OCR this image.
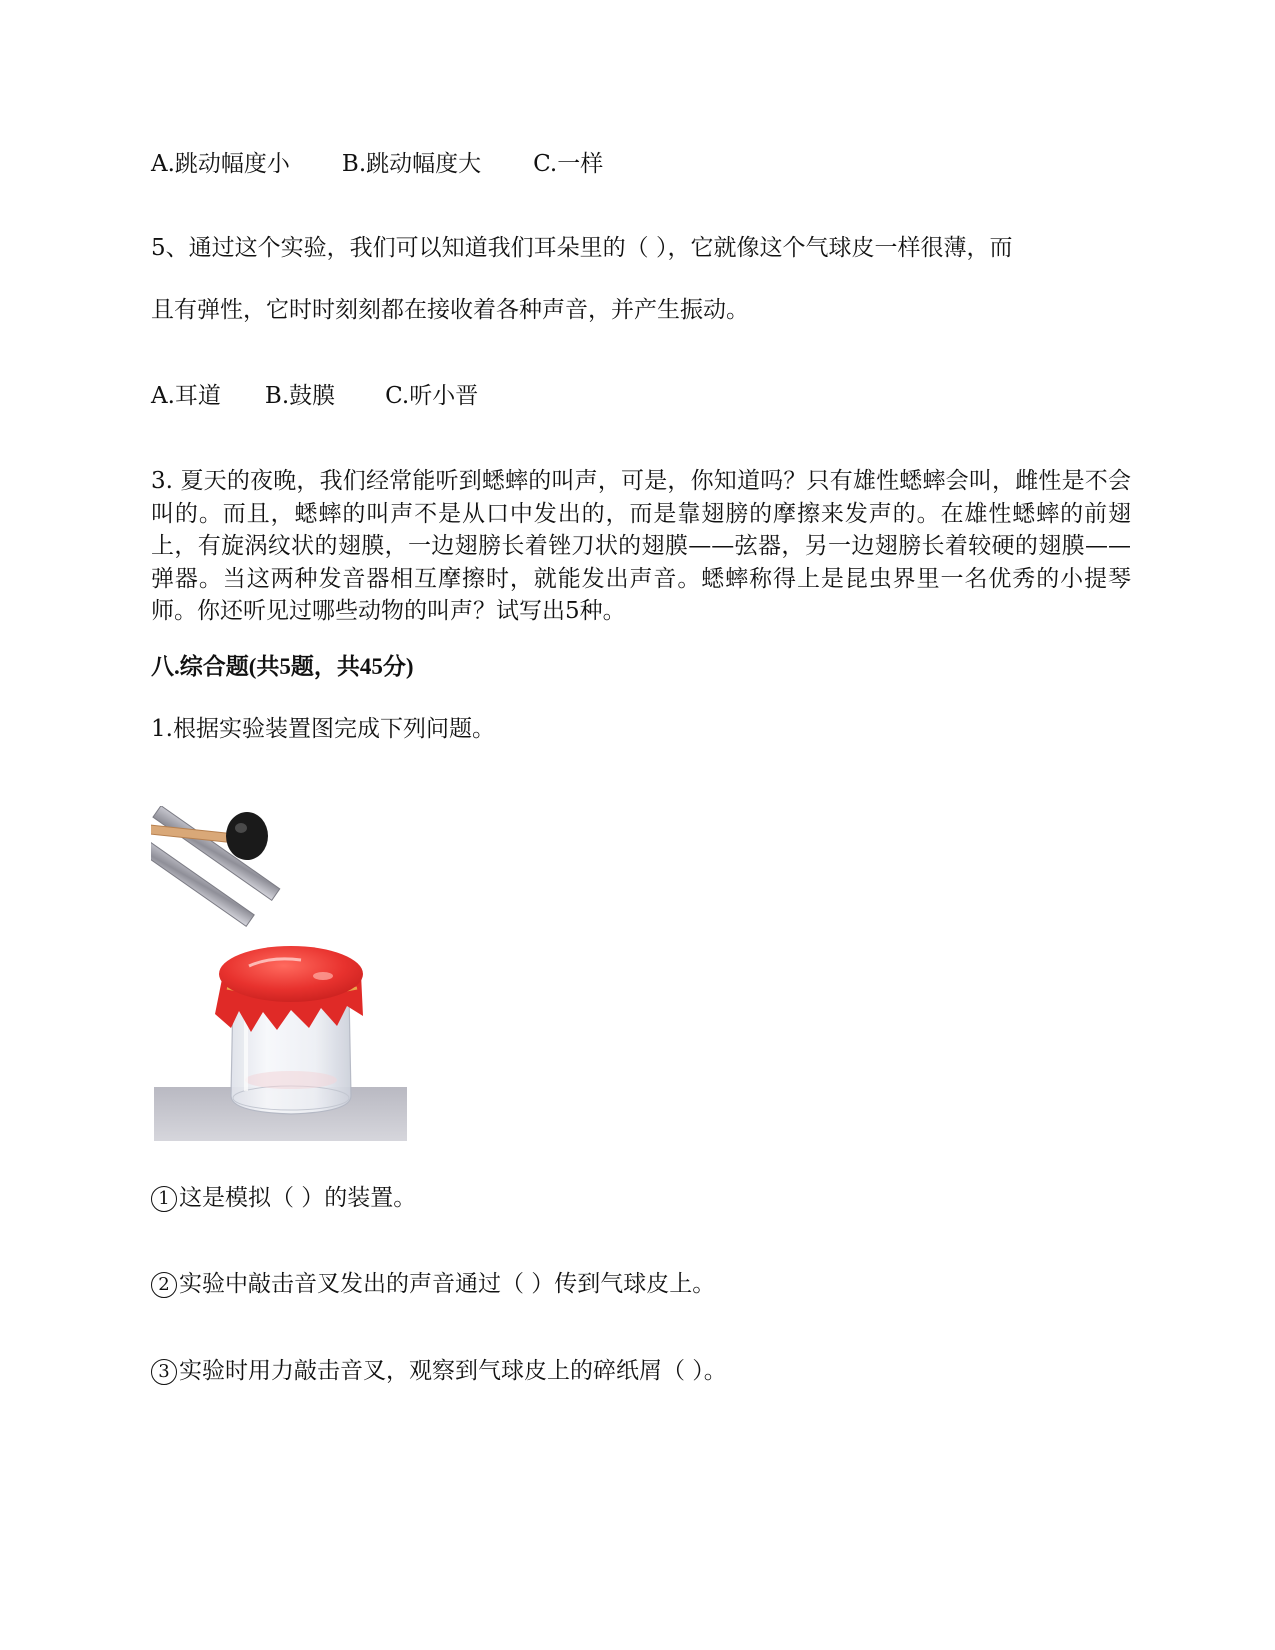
A.跳动幅度小 B.跳动幅度大 C.一样
5、通过这个实验，我们可以知道我们耳朵里的（ ），它就像这个气球皮一样很薄，而
且有弹性，它时时刻刻都在接收着各种声音，并产生振动。
A.耳道 B.鼓膜 C.听小晋
3. 夏天的夜晚，我们经常能听到蟋蟀的叫声，可是，你知道吗？只有雄性蟋蟀会叫，雌性是不会叫的。而且，蟋蟀的叫声不是从口中发出的，而是靠翅膀的摩擦来发声的。在雄性蟋蟀的前翅上，有旋涡纹状的翅膜，一边翅膀长着锉刀状的翅膜——弦器，另一边翅膀长着较硬的翅膜——弹器。当这两种发音器相互摩擦时，就能发出声音。蟋蟀称得上是昆虫界里一名优秀的小提琴师。你还听见过哪些动物的叫声？试写出5种。
八.综合题(共5题，共45分)
1.根据实验装置图完成下列问题。
1 这是模拟（ ）的装置。
2 实验中敲击音叉发出的声音通过（ ）传到气球皮上。
3 实验时用力敲击音叉，观察到气球皮上的碎纸屑（ ）。
